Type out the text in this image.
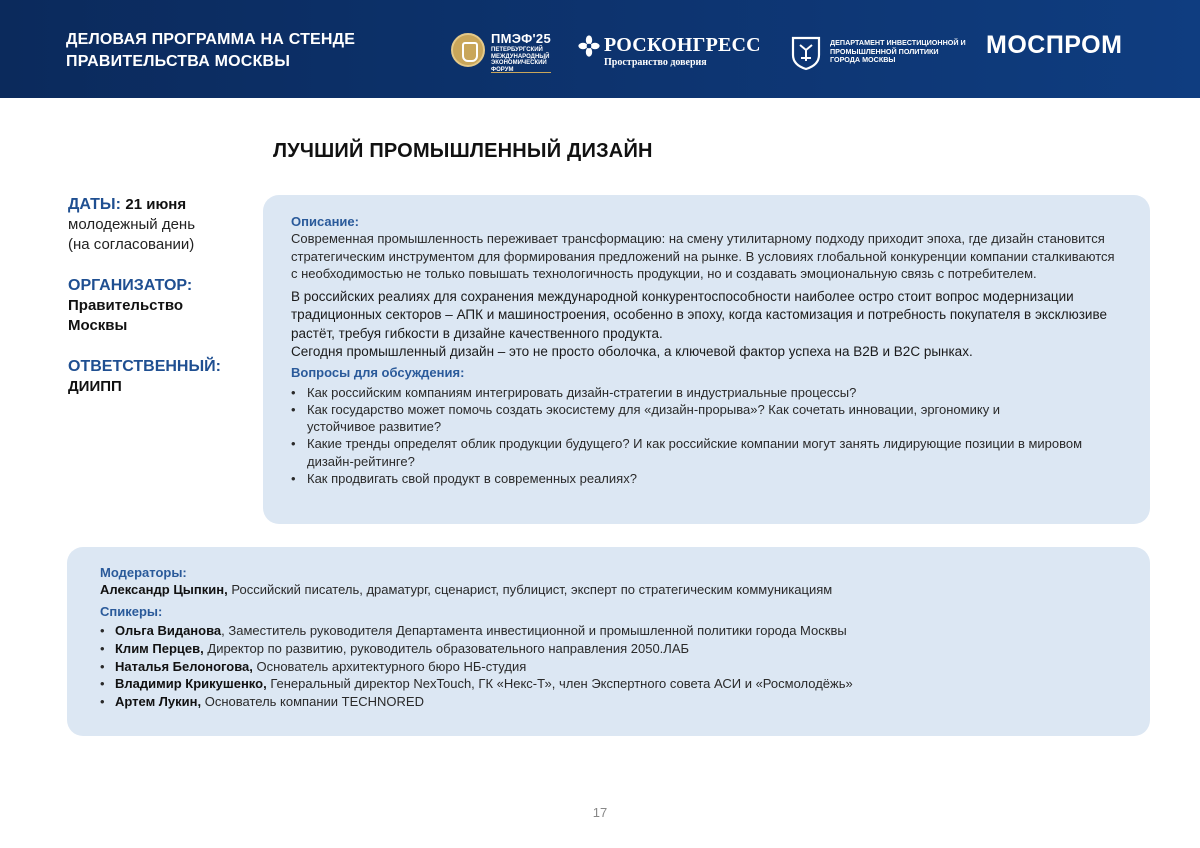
ДЕЛОВАЯ ПРОГРАММА НА СТЕНДЕ
ПРАВИТЕЛЬСТВА МОСКВЫ
ПМЭФ'25
ПЕТЕРБУРГСКИЙ МЕЖДУНАРОДНЫЙ ЭКОНОМИЧЕСКИЙ ФОРУМ
РОСКОНГРЕСС
Пространство доверия
ДЕПАРТАМЕНТ ИНВЕСТИЦИОННОЙ И ПРОМЫШЛЕННОЙ ПОЛИТИКИ ГОРОДА МОСКВЫ
МОСПРОМ
ЛУЧШИЙ ПРОМЫШЛЕННЫЙ ДИЗАЙН
ДАТЫ: 21 июня
молодежный день
(на согласовании)
ОРГАНИЗАТОР:
Правительство
Москвы
ОТВЕТСТВЕННЫЙ:
ДИИПП
Описание:
Современная промышленность переживает трансформацию: на смену утилитарному подходу приходит эпоха, где дизайн становится стратегическим инструментом для формирования предложений на рынке. В условиях глобальной конкуренции компании сталкиваются с необходимостью не только повышать технологичность продукции, но и создавать эмоциональную связь с потребителем.
В российских реалиях для сохранения международной конкурентоспособности наиболее остро стоит вопрос модернизации традиционных секторов – АПК и машиностроения, особенно в эпоху, когда кастомизация и потребность покупателя в эксклюзиве растёт, требуя гибкости в дизайне качественного продукта.
Сегодня промышленный дизайн – это не просто оболочка, а ключевой фактор успеха на B2B и B2C рынках.
Вопросы для обсуждения:
• Как российским компаниям интегрировать дизайн-стратегии в индустриальные процессы?
• Как государство может помочь создать экосистему для «дизайн-прорыва»? Как сочетать инновации, эргономику и устойчивое развитие?
• Какие тренды определят облик продукции будущего? И как российские компании могут занять лидирующие позиции в мировом дизайн-рейтинге?
• Как продвигать свой продукт в современных реалиях?
Модераторы:
Александр Цыпкин, Российский писатель, драматург, сценарист, публицист, эксперт по стратегическим коммуникациям
Спикеры:
• Ольга Виданова, Заместитель руководителя Департамента инвестиционной и промышленной политики города Москвы
• Клим Перцев, Директор по развитию, руководитель образовательного направления 2050.ЛАБ
• Наталья Белоногова, Основатель архитектурного бюро НБ-студия
• Владимир Крикушенко, Генеральный директор NexTouch, ГК «Некс-Т», член Экспертного совета АСИ и «Росмолодёжь»
• Артем Лукин, Основатель компании TECHNORED
17
